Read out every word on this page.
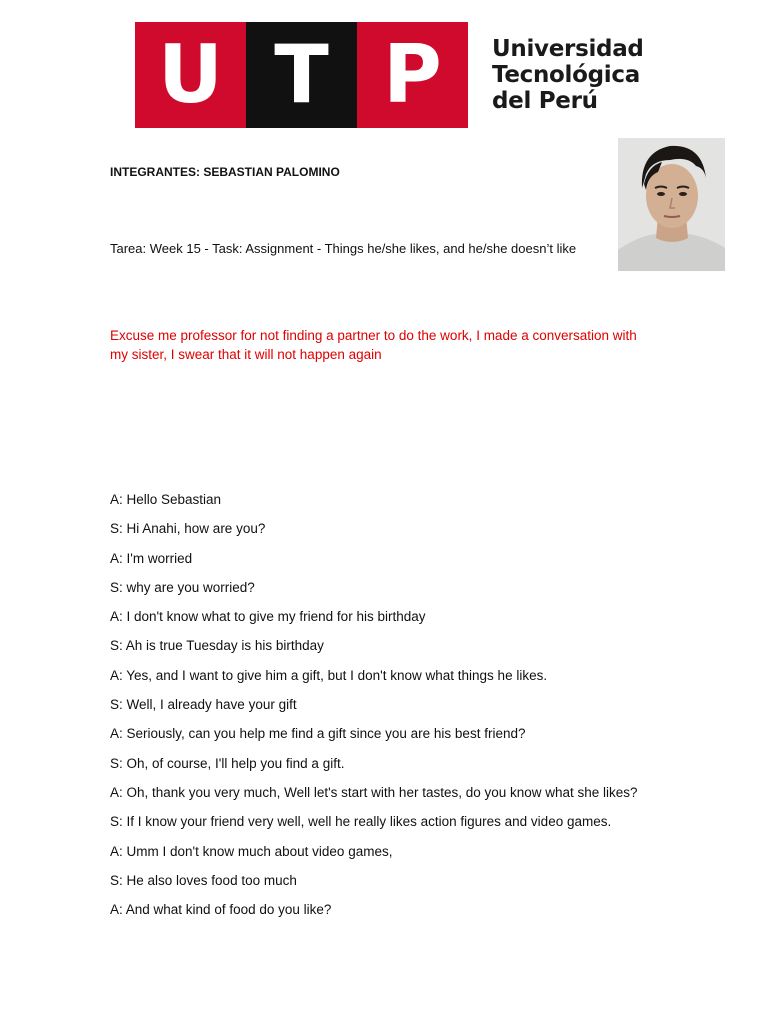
U T P Universidad
Tecnológica
del Perú
INTEGRANTES: SEBASTIAN PALOMINO
Tarea: Week 15 - Task: Assignment - Things he/she likes, and he/she doesn’t like
Excuse me professor for not finding a partner to do the work, I made a conversation with my sister, I swear that it will not happen again
A: Hello Sebastian
S: Hi Anahi, how are you?
A: I'm worried
S: why are you worried?
A: I don't know what to give my friend for his birthday
S: Ah is true Tuesday is his birthday
A: Yes, and I want to give him a gift, but I don't know what things he likes.
S: Well, I already have your gift
A: Seriously, can you help me find a gift since you are his best friend?
S: Oh, of course, I'll help you find a gift.
A: Oh, thank you very much, Well let's start with her tastes, do you know what she likes?
S: If I know your friend very well, well he really likes action figures and video games.
A: Umm I don't know much about video games,
S: He also loves food too much
A: And what kind of food do you like?
